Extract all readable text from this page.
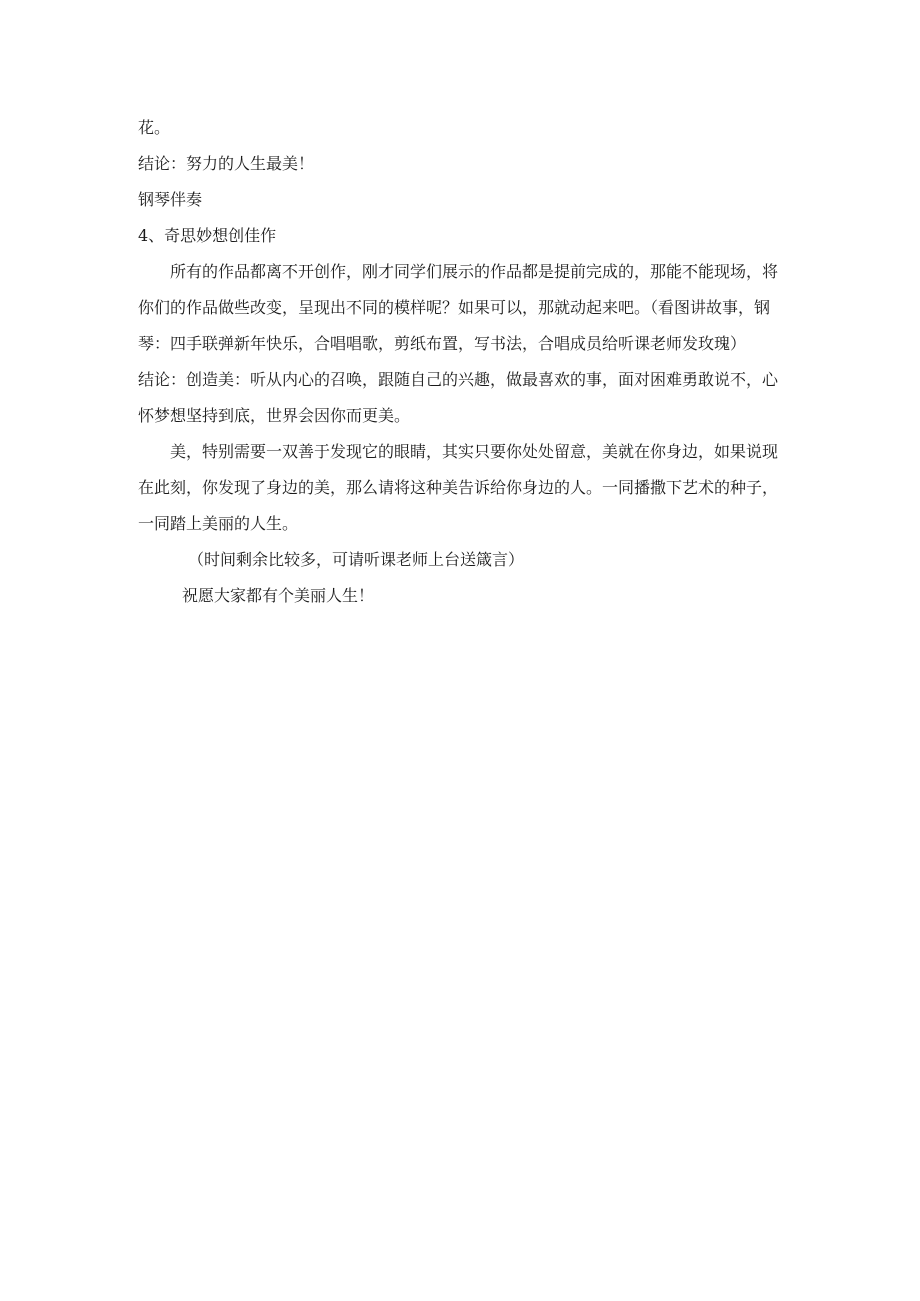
花。

结论：努力的人生最美！

钢琴伴奏

4、奇思妙想创佳作

所有的作品都离不开创作，刚才同学们展示的作品都是提前完成的，那能不能现场，将你们的作品做些改变，呈现出不同的模样呢？如果可以，那就动起来吧。（看图讲故事，钢琴：四手联弹新年快乐，合唱唱歌，剪纸布置，写书法，合唱成员给听课老师发玫瑰）

结论：创造美：听从内心的召唤，跟随自己的兴趣，做最喜欢的事，面对困难勇敢说不，心怀梦想坚持到底，世界会因你而更美。

美，特别需要一双善于发现它的眼睛，其实只要你处处留意，美就在你身边，如果说现在此刻，你发现了身边的美，那么请将这种美告诉给你身边的人。一同播撒下艺术的种子，一同踏上美丽的人生。

（时间剩余比较多，可请听课老师上台送箴言）

祝愿大家都有个美丽人生！
